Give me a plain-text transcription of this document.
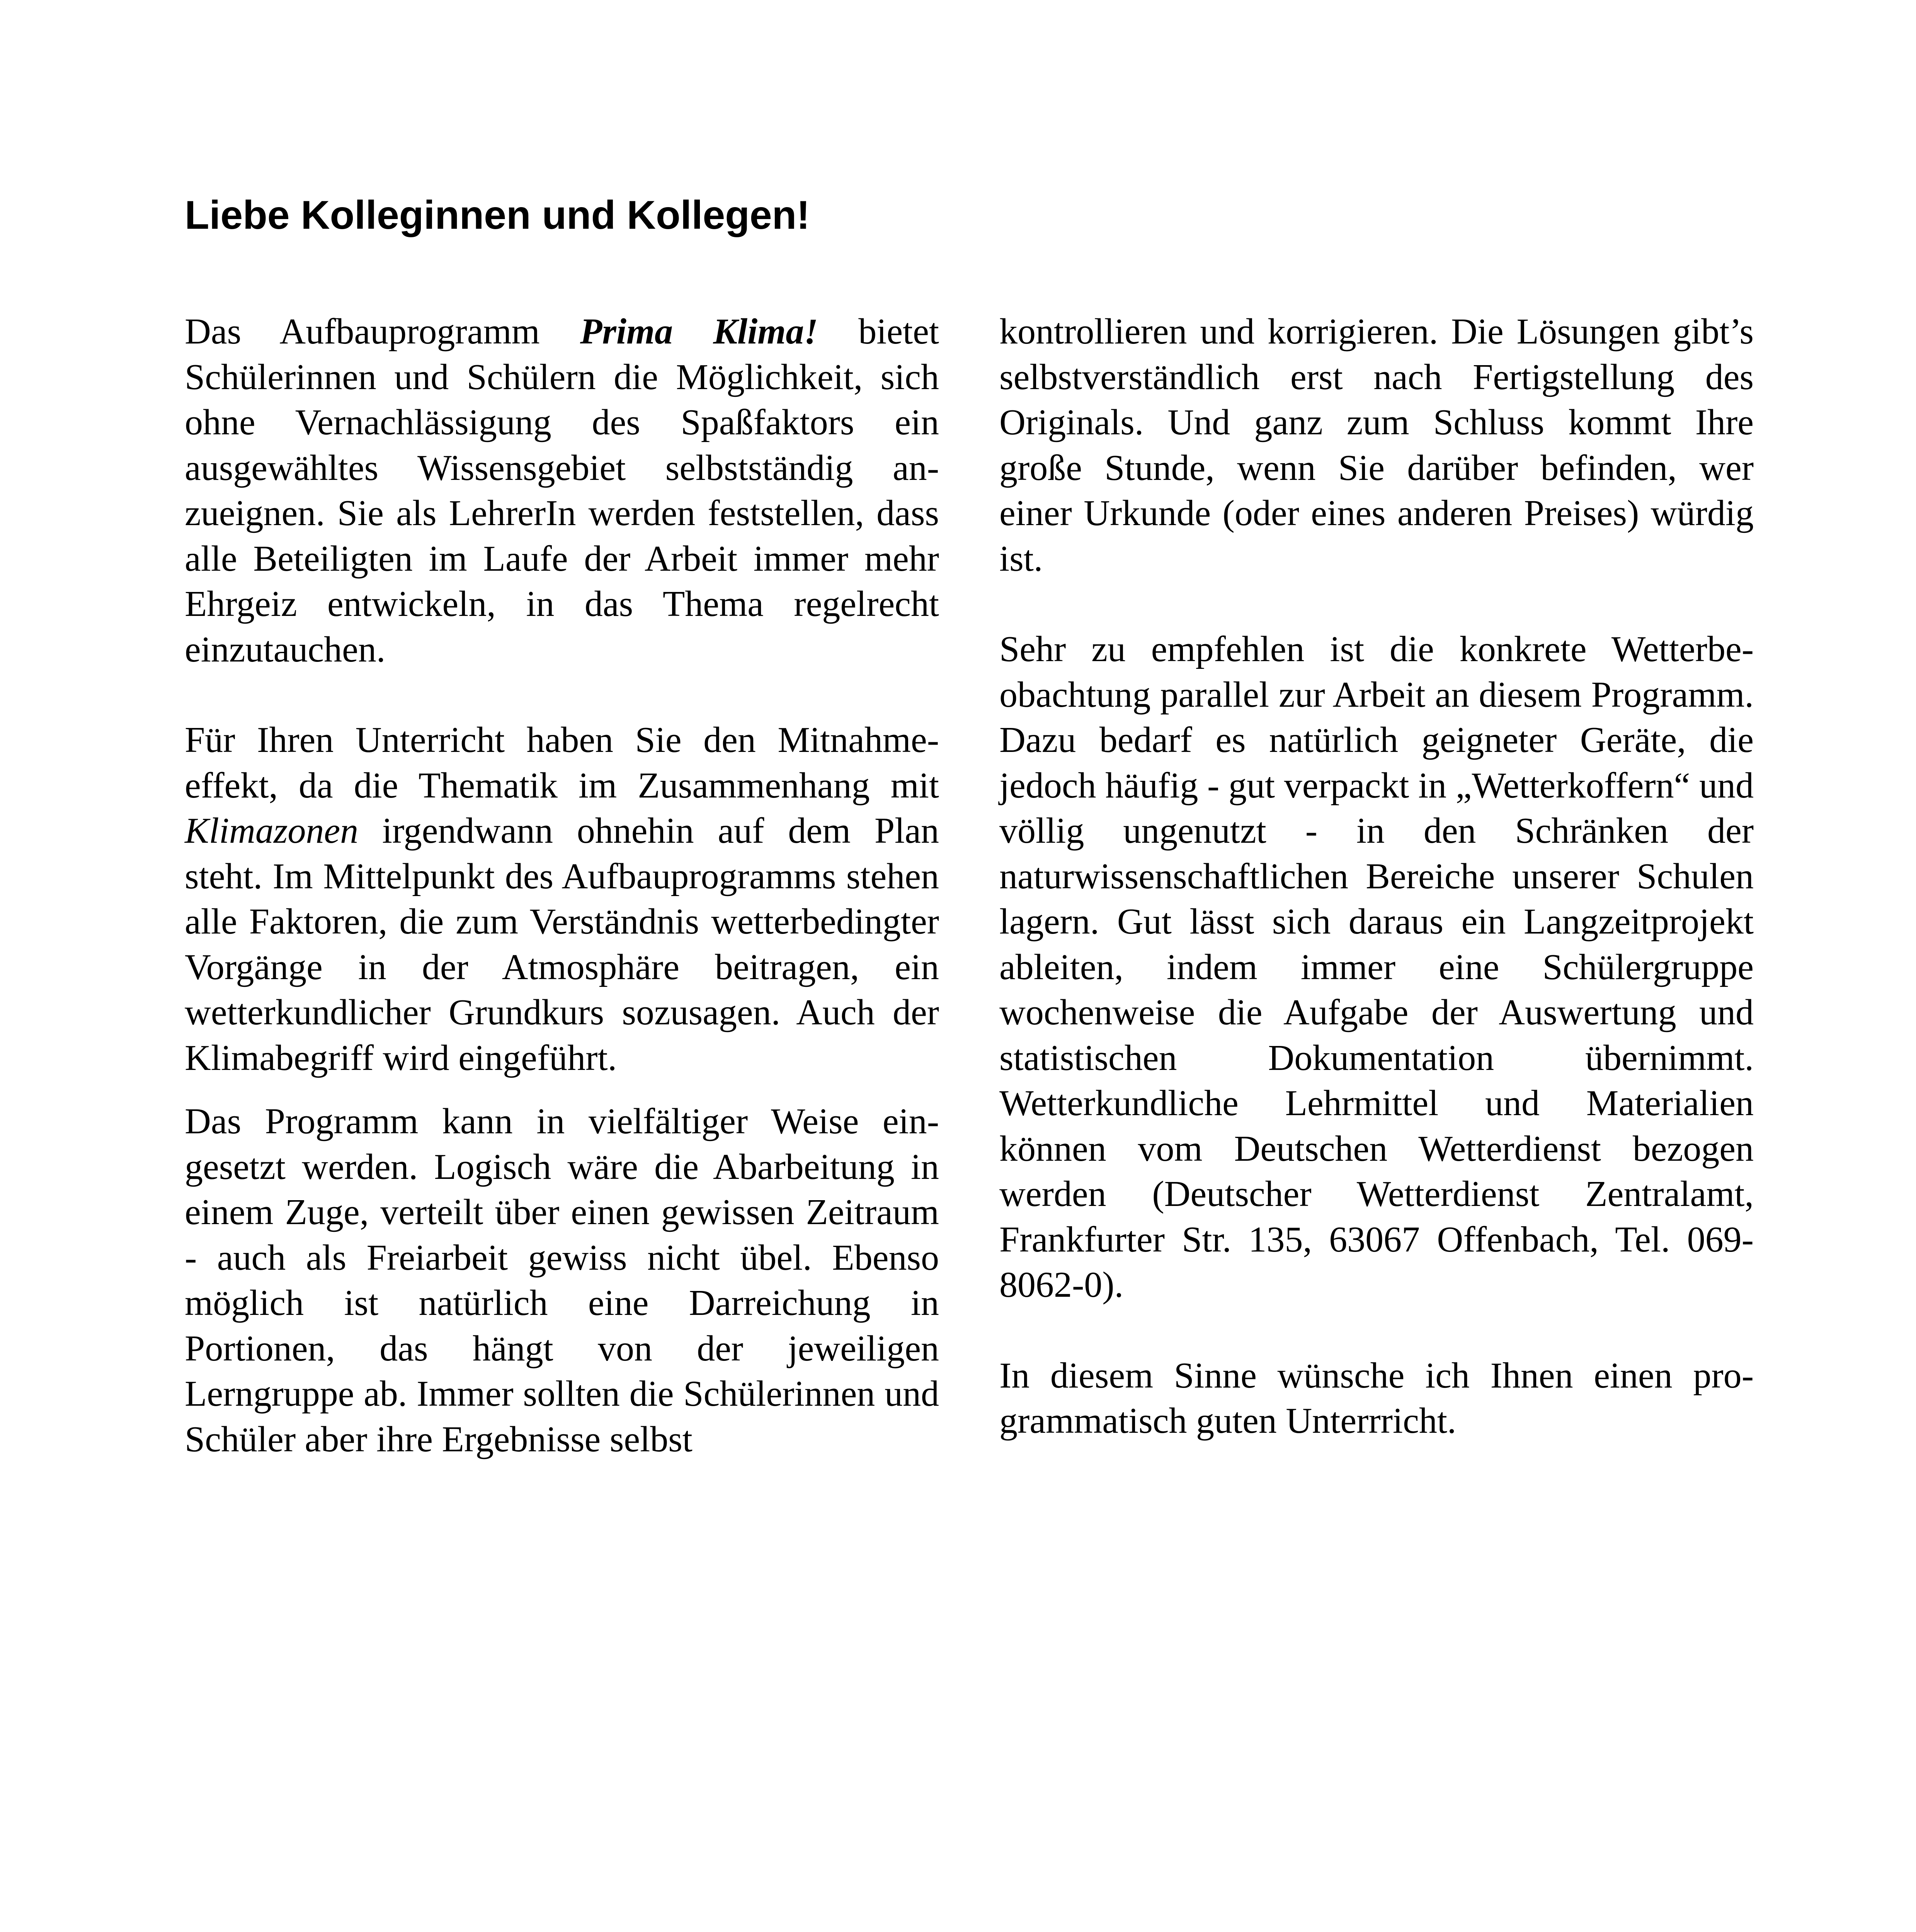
Liebe Kolleginnen und Kollegen!

Das Aufbauprogramm Prima Klima! bietet Schülerinnen und Schülern die Möglichkeit, sich ohne Vernachlässigung des Spaßfaktors ein ausgewähltes Wissensgebiet selbstständig anzueignen. Sie als LehrerIn werden feststellen, dass alle Beteiligten im Laufe der Arbeit immer mehr Ehrgeiz entwickeln, in das Thema regelrecht einzutauchen.

Für Ihren Unterricht haben Sie den Mitnahmeeffekt, da die Thematik im Zusammenhang mit Klimazonen irgendwann ohnehin auf dem Plan steht. Im Mittelpunkt des Aufbauprogramms stehen alle Faktoren, die zum Verständnis wetterbedingter Vorgänge in der Atmosphäre beitragen, ein wetterkundlicher Grundkurs sozusagen. Auch der Klimabegriff wird eingeführt.

Das Programm kann in vielfältiger Weise eingesetzt werden. Logisch wäre die Abarbeitung in einem Zuge, verteilt über einen gewissen Zeitraum - auch als Freiarbeit gewiss nicht übel. Ebenso möglich ist natürlich eine Darreichung in Portionen, das hängt von der jeweiligen Lerngruppe ab. Immer sollten die Schülerinnen und Schüler aber ihre Ergebnisse selbst

kontrollieren und korrigieren. Die Lösungen gibt’s selbstverständlich erst nach Fertigstellung des Originals. Und ganz zum Schluss kommt Ihre große Stunde, wenn Sie darüber befinden, wer einer Urkunde (oder eines anderen Preises) würdig ist.

Sehr zu empfehlen ist die konkrete Wetterbeobachtung parallel zur Arbeit an diesem Programm. Dazu bedarf es natürlich geigneter Geräte, die jedoch häufig - gut verpackt in „Wetterkoffern“ und völlig ungenutzt - in den Schränken der naturwissenschaftlichen Bereiche unserer Schulen lagern. Gut lässt sich daraus ein Langzeitprojekt ableiten, indem immer eine Schülergruppe wochenweise die Aufgabe der Auswertung und statistischen Dokumentation übernimmt. Wetterkundliche Lehrmittel und Materialien können vom Deutschen Wetterdienst bezogen werden (Deutscher Wetterdienst Zentralamt, Frankfurter Str. 135, 63067 Offenbach, Tel. 069-8062-0).

In diesem Sinne wünsche ich Ihnen einen programmatisch guten Unterrricht.
